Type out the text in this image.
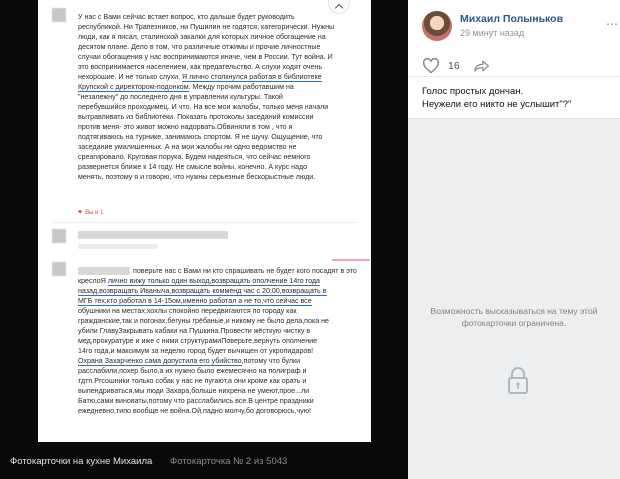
У нас с Вами сейчас встает вопрос, кто дальше будет руководить
республикой. Ни Трапезников, ни Пушилин не годятся, категорически. Нужны
люди, как я писал, сталинской закалки для которых личное обогащение на
десятом плане. Дело в том, что различные отжимы и прочие личностные
случаи обогащения у нас воспринимаются иначе, чем в России. Тут война. И
это воспринимается населением, как предательство. А слухи ходят очень
нехорошие. И не только слухи. Я лично столкнулся работая в библиотеке
Крупской с директором-подонком. Между прочим работавшим на
"незалежну" до последнего дня в управлении культуры. Такой
перебувшийся проходимец. И что. На все мои жалобы, только меня начали
вытравливать из библиотеки. Показать протоколы заседаний комиссии
против меня- это живот можно надорвать.Обвиняли в том , что я
подтягиваюсь на турнике, занимаюсь спортом. Я не шучу. Ощущение, что
заседание умалишенных. А на мои жалобы ни одно ведомство не
среагировало. Круговая порука. Будем надеяться, что сейчас немного
развернется ближе к 14 году. Не смысле войны, конечно. А курс надо
менять, поэтому я и говорю, что нужны серьезные бескорыстные люди.
♥ Вы и 1
поверьте нас с Вами ни кто спрашивать не будет кого посадят в это
креслоЯ лично вижу только один выход,возвращать ополчение 14го года
назад,возвращать Иванычa,возвращать комменд час с 20:00,возвращать в
МГБ тех,кто работал в 14-15ом,именно работал а не то,что сейчас все
обушники на местах,хохлы спокойно передвигаются по городу как
гражданские,так и погонах,бегуны грёбаные,и никому не было дела,пока не
убили ГлавуЗакрывать кабаки на Пушкина.Провести жёсткую чистку в
мед,прокуратуре и иже с ними структурамиПоверьте,вернуть ополчение
14го года,и максимум за неделю город будет вычищен от укропидаров!
Охрана Захарченко сама допустила его убийство,потому что булки
расслабили,похер было,а их нужно было ежемесячно на полиграф и
тдтп.Ргсошники только собак у нас не пугают,а они кроме как орать и
выпендриваться,мы люди Захара,больше нихрена не умеют,проe...ли
Батю,сами виноваты,потому что расслабились все.В центре праздники
ежедневно,типо вообще не война.Ой,падно молчу,бо договорюсь,чую!
Фотокарточки на кухне Михаила Фотокарточка № 2 из 5043
Михаил Полыньков
29 минут назад
⋯
16
Голос простых дончан.
Неужели его никто не услышит"?"
Возможность высказываться на тему этой фотокарточки ограничена.
